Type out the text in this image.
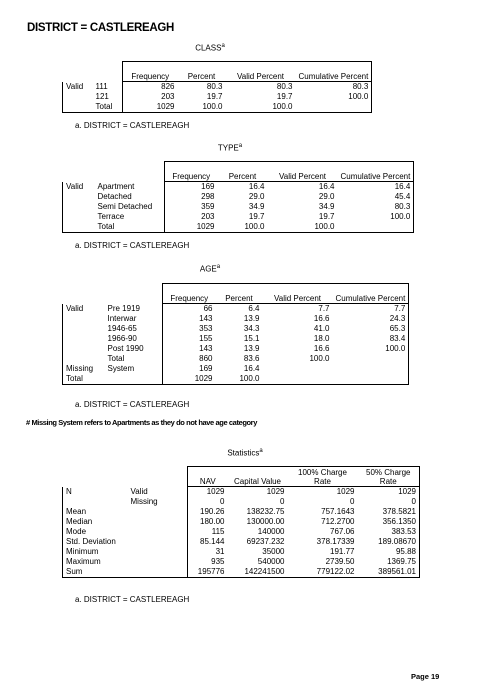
DISTRICT = CASTLEREAGH
CLASS$^a$
		Frequency	Percent	Valid Percent	Cumulative Percent
Valid	111	826	80.3	80.3	80.3
	121	203	19.7	19.7	100.0
	Total	1029	100.0	100.0	
a. DISTRICT = CASTLEREAGH
TYPE$^a$
		Frequency	Percent	Valid Percent	Cumulative Percent
Valid	Apartment	169	16.4	16.4	16.4
	Detached	298	29.0	29.0	45.4
	Semi Detached	359	34.9	34.9	80.3
	Terrace	203	19.7	19.7	100.0
	Total	1029	100.0	100.0	
a. DISTRICT = CASTLEREAGH
AGE$^a$
		Frequency	Percent	Valid Percent	Cumulative Percent
Valid	Pre 1919	66	6.4	7.7	7.7
	Interwar	143	13.9	16.6	24.3
	1946-65	353	34.3	41.0	65.3
	1966-90	155	15.1	18.0	83.4
	Post 1990	143	13.9	16.6	100.0
	Total	860	83.6	100.0	
Missing	System	169	16.4		
Total		1029	100.0		
a. DISTRICT = CASTLEREAGH
# Missing System refers to Apartments as they do not have age category
Statistics$^a$
		NAV	Capital Value	100% Charge Rate	50% Charge Rate
N	Valid	1029	1029	1029	1029
	Missing	0	0	0	0
Mean		190.26	138232.75	757.1643	378.5821
Median		180.00	130000.00	712.2700	356.1350
Mode		115	140000	767.06	383.53
Std. Deviation		85.144	69237.232	378.17339	189.08670
Minimum		31	35000	191.77	95.88
Maximum		935	540000	2739.50	1369.75
Sum		195776	142241500	779122.02	389561.01
a. DISTRICT = CASTLEREAGH
Page 19
